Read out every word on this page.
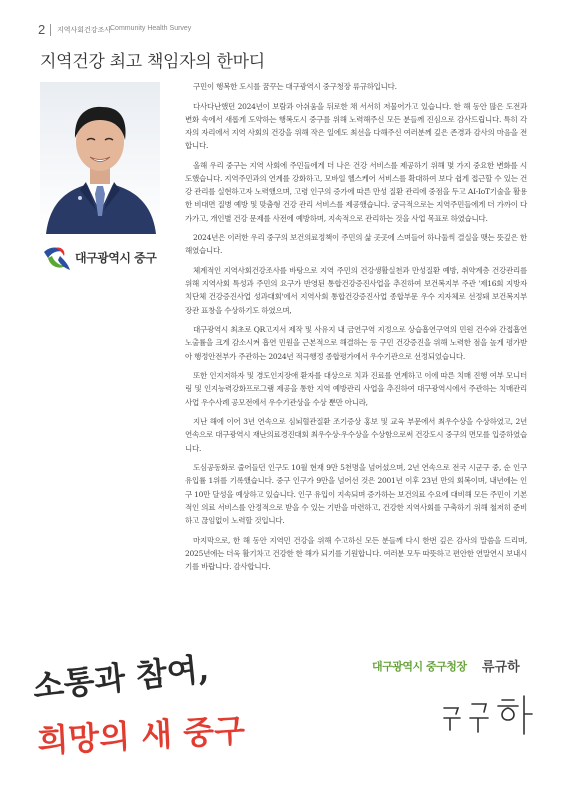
2 지역사회건강조사
Community Health Survey
지역건강 최고 책임자의 한마디
대구광역시 중구

구민이 행복한 도시를 꿈꾸는 대구광역시 중구청장 류규하입니다.

다사다난했던 2024년이 보람과 아쉬움을 뒤로한 채 서서히 저물어가고 있습니다. 한 해 동안 많은 도전과 변화 속에서 새롭게 도약하는 행복도시 중구를 위해 노력해주신 모든 분들께 진심으로 감사드립니다. 특히 각자의 자리에서 지역 사회의 건강을 위해 작은 일에도 최선을 다해주신 여러분께 깊은 존경과 감사의 마음을 전합니다.

올해 우리 중구는 지역 사회에 주민들에게 더 나은 건강 서비스를 제공하기 위해 몇 가지 중요한 변화를 시도했습니다. 지역주민과의 연계를 강화하고, 모바일 헬스케어 서비스를 확대하여 보다 쉽게 접근할 수 있는 건강 관리를 실현하고자 노력했으며, 고령 인구의 증가에 따른 만성 질환 관리에 중점을 두고 AI-IoT기술을 활용한 비대면 질병 예방 및 맞춤형 건강 관리 서비스를 제공했습니다. 궁극적으로는 지역주민들에게 더 가까이 다가가고, 개인별 건강 문제를 사전에 예방하며, 지속적으로 관리하는 것을 사업 목표로 하였습니다.

2024년은 이러한 우리 중구의 보건의료정책이 주민의 삶 곳곳에 스며들어 하나둘씩 결실을 맺는 뜻깊은 한 해였습니다.

체계적인 지역사회건강조사를 바탕으로 지역 주민의 건강생활실천과 만성질환 예방, 취약계층 건강관리를 위해 지역사회 특성과 주민의 요구가 반영된 통합건강증진사업을 추진하여 보건복지부 주관 '제16회 지방자치단체 건강증진사업 성과대회'에서 지역사회 통합건강증진사업 종합부문 우수 지자체로 선정돼 보건복지부장관 표창을 수상하기도 하였으며,

대구광역시 최초로 QR고지서 제작 및 사유지 내 금연구역 지정으로 상습흡연구역의 민원 건수와 간접흡연 노출률을 크게 감소시켜 흡연 민원을 근본적으로 해결하는 등 구민 건강증진을 위해 노력한 점을 높게 평가받아 행정안전부가 주관하는 2024년 적극행정 종합평가에서 우수기관으로 선정되었습니다.

또한 인지저하자 및 경도인지장애 환자를 대상으로 치과 진료를 연계하고 이에 따른 치매 진행 여부 모니터링 및 인지능력강화프로그램 제공을 통한 지역 예방관리 사업을 추진하여 대구광역시에서 주관하는 치매관리사업 우수사례 공모전에서 우수기관상을 수상 뿐만 아니라,

지난 해에 이어 3년 연속으로 심뇌혈관질환 조기증상 홍보 및 교육 부문에서 최우수상을 수상하였고, 2년 연속으로 대구광역시 재난의료경진대회 최우수상·우수상을 수상함으로써 건강도시 중구의 면모를 입증하였습니다.

도심공동화로 줄어들던 인구도 10월 현재 9만 5천명을 넘어섰으며, 2년 연속으로 전국 시군구 중, 순 인구 유입률 1위를 기록했습니다. 중구 인구가 9만을 넘어선 것은 2001년 이후 23년 만의 회복이며, 내년에는 인구 10만 달성을 예상하고 있습니다. 인구 유입이 지속되며 증가하는 보건의료 수요에 대비해 모든 주민이 기본적인 의료 서비스를 안정적으로 받을 수 있는 기반을 마련하고, 건강한 지역사회를 구축하기 위해 철저히 준비하고 끊임없이 노력할 것입니다.

마지막으로, 한 해 동안 지역민 건강을 위해 수고하신 모든 분들께 다시 한번 깊은 감사의 말씀을 드리며, 2025년에는 더욱 활기차고 건강한 한 해가 되기를 기원합니다. 여러분 모두 따뜻하고 편안한 연말연시 보내시기를 바랍니다. 감사합니다.

대구광역시 중구청장 류규하
소통과 참여,
희망의 새 중구
